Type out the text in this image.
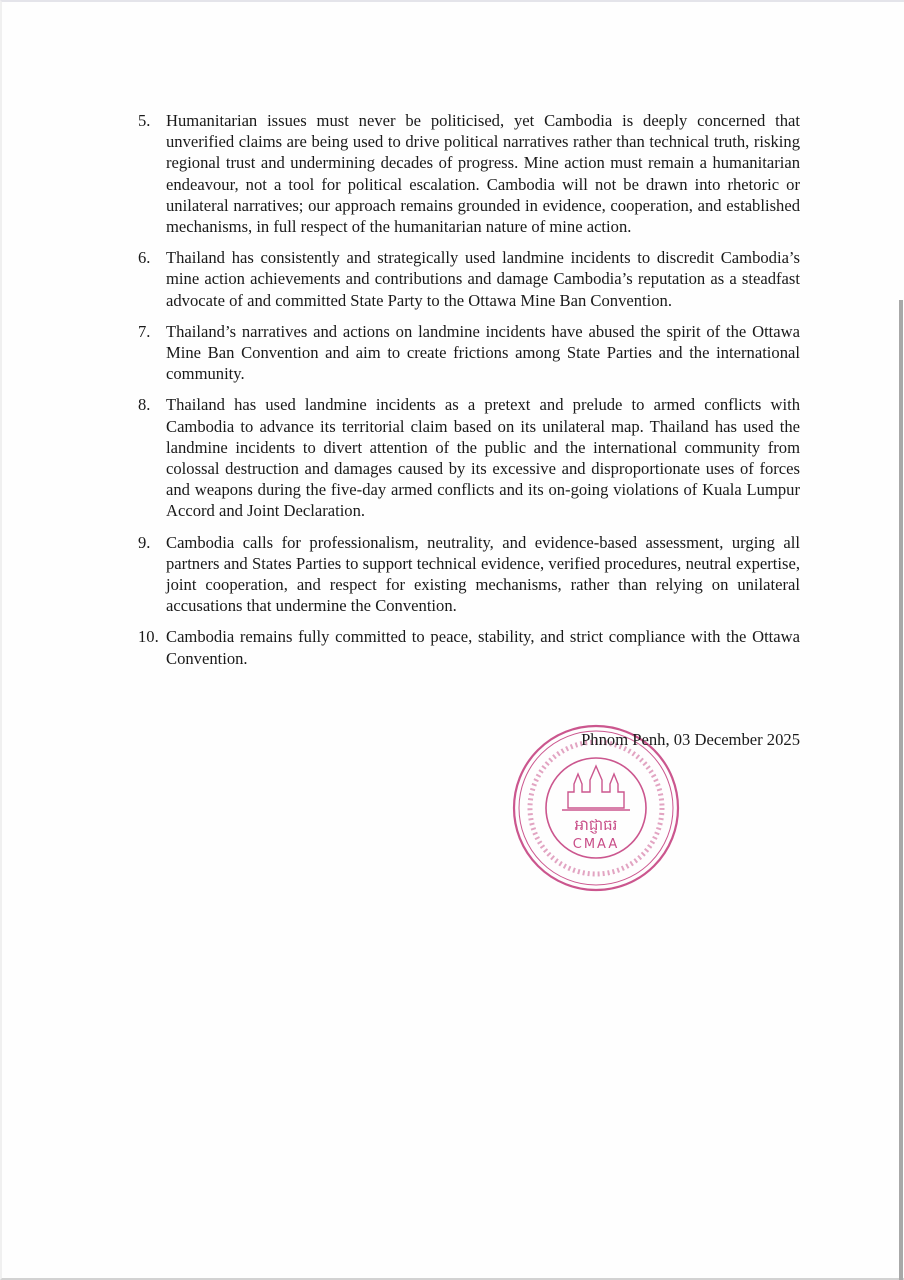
5. Humanitarian issues must never be politicised, yet Cambodia is deeply concerned that unverified claims are being used to drive political narratives rather than technical truth, risking regional trust and undermining decades of progress. Mine action must remain a humanitarian endeavour, not a tool for political escalation. Cambodia will not be drawn into rhetoric or unilateral narratives; our approach remains grounded in evidence, cooperation, and established mechanisms, in full respect of the humanitarian nature of mine action.
6. Thailand has consistently and strategically used landmine incidents to discredit Cambodia’s mine action achievements and contributions and damage Cambodia’s reputation as a steadfast advocate of and committed State Party to the Ottawa Mine Ban Convention.
7. Thailand’s narratives and actions on landmine incidents have abused the spirit of the Ottawa Mine Ban Convention and aim to create frictions among State Parties and the international community.
8. Thailand has used landmine incidents as a pretext and prelude to armed conflicts with Cambodia to advance its territorial claim based on its unilateral map. Thailand has used the landmine incidents to divert attention of the public and the international community from colossal destruction and damages caused by its excessive and disproportionate uses of forces and weapons during the five-day armed conflicts and its on-going violations of Kuala Lumpur Accord and Joint Declaration.
9. Cambodia calls for professionalism, neutrality, and evidence-based assessment, urging all partners and States Parties to support technical evidence, verified procedures, neutral expertise, joint cooperation, and respect for existing mechanisms, rather than relying on unilateral accusations that undermine the Convention.
10. Cambodia remains fully committed to peace, stability, and strict compliance with the Ottawa Convention.
Phnom Penh, 03 December 2025
អាជ្ញាធរ
CMAA
